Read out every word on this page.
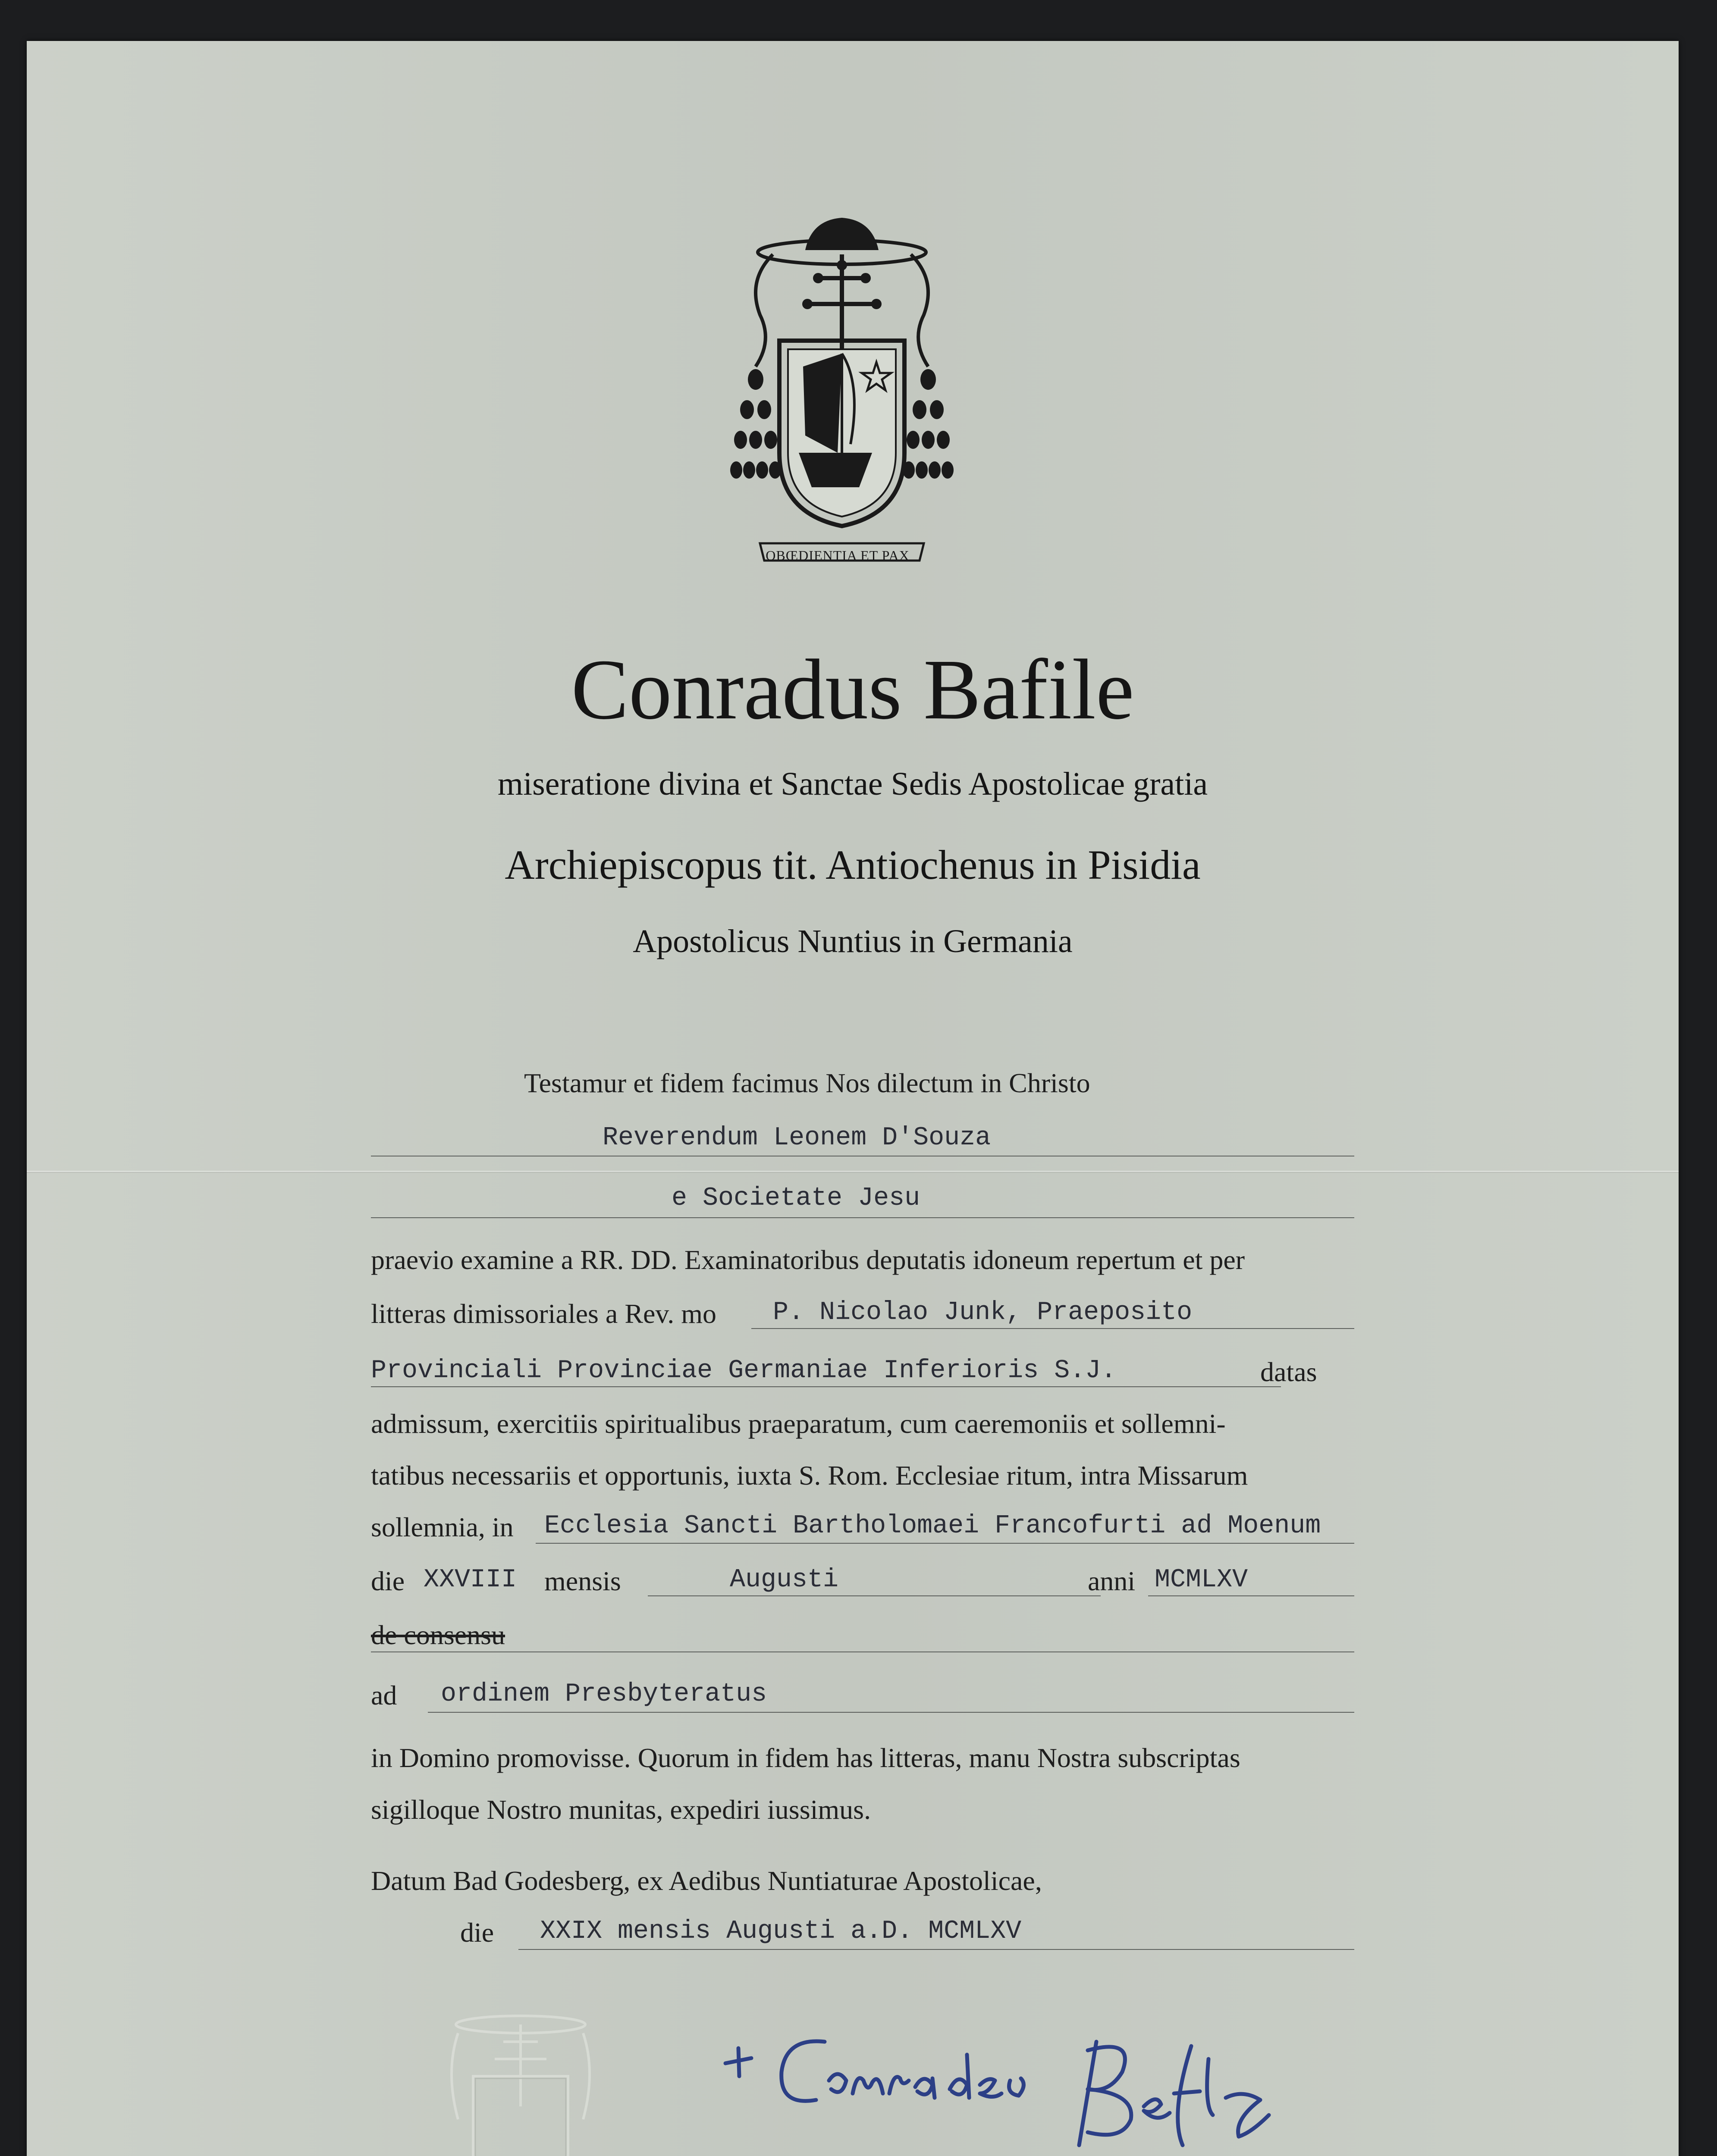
OBŒDIENTIA ET PAX
Conradus Bafile
miseratione divina et Sanctae Sedis Apostolicae gratia
Archiepiscopus tit. Antiochenus in Pisidia
Apostolicus Nuntius in Germania
Testamur et fidem facimus Nos dilectum in Christo
Reverendum Leonem D'Souza
e Societate Jesu
praevio examine a RR. DD. Examinatoribus deputatis idoneum repertum et per
litteras dimissoriales a Rev. mo P. Nicolao Junk, Praeposito
Provinciali Provinciae Germaniae Inferioris S.J.	datas
admissum, exercitiis spiritualibus praeparatum, cum caeremoniis et sollemni-
tatibus necessariis et opportunis, iuxta S. Rom. Ecclesiae ritum, intra Missarum
sollemnia, in Ecclesia Sancti Bartholomaei Francofurti ad Moenum
die XXVIII mensis	Augusti	anni MCMLXV
de consensu
ad ordinem Presbyteratus
in Domino promovisse. Quorum in fidem has litteras, manu Nostra subscriptas
sigilloque Nostro munitas, expediri iussimus.
Datum Bad Godesberg, ex Aedibus Nuntiaturae Apostolicae,
die XXIX mensis Augusti a.D. MCMLXV
